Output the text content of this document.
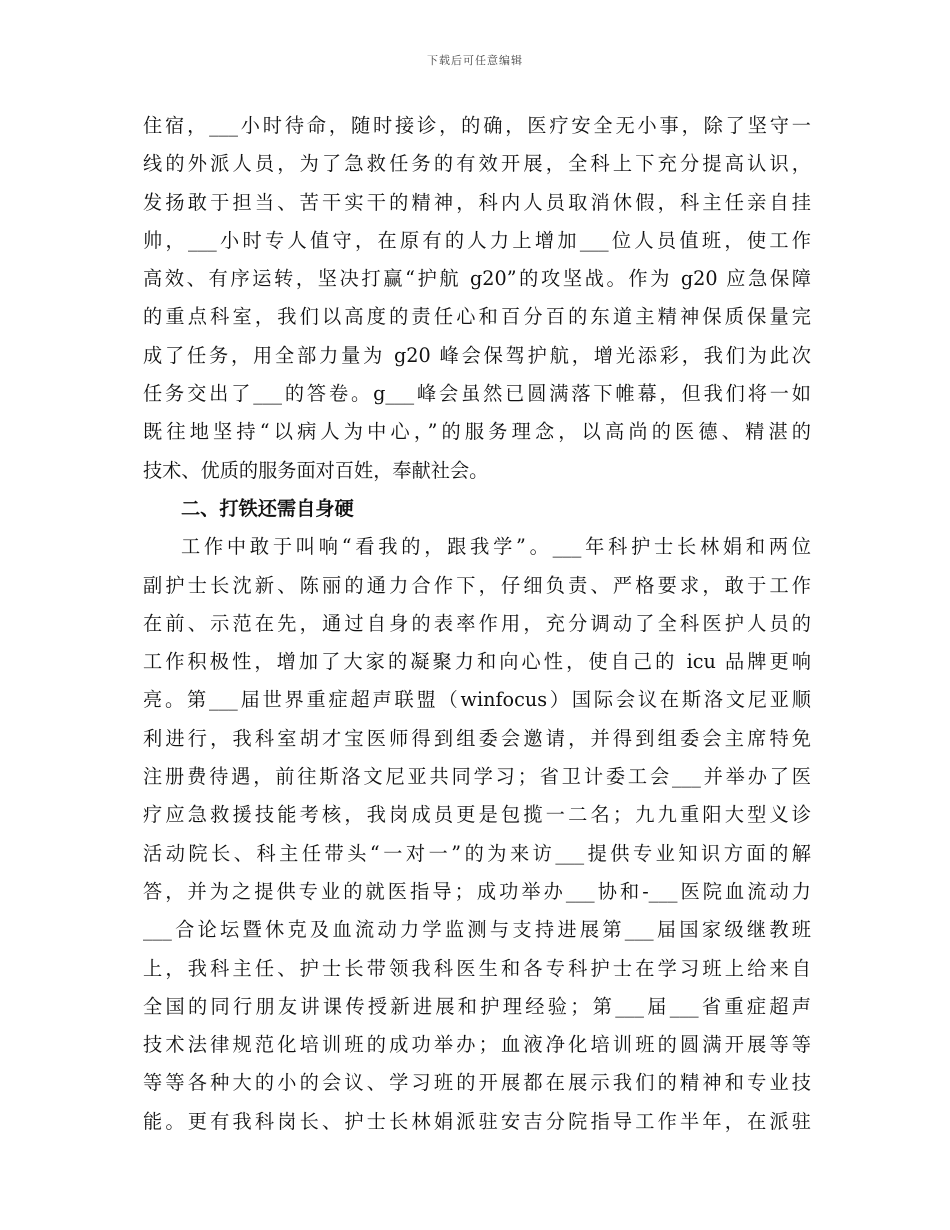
下载后可任意编辑
住宿，___小时待命，随时接诊，的确，医疗安全无小事，除了坚守一
线的外派人员，为了急救任务的有效开展，全科上下充分提高认识，
发扬敢于担当、苦干实干的精神，科内人员取消休假，科主任亲自挂
帅，___小时专人值守，在原有的人力上增加___位人员值班，使工作
高效、有序运转，坚决打赢“护航 g20”的攻坚战。作为 g20 应急保障
的重点科室，我们以高度的责任心和百分百的东道主精神保质保量完
成了任务，用全部力量为 g20 峰会保驾护航，增光添彩，我们为此次
任务交出了___的答卷。g___峰会虽然已圆满落下帷幕，但我们将一如
既往地坚持“以病人为中心，”的服务理念，以高尚的医德、精湛的
技术、优质的服务面对百姓，奉献社会。
二、打铁还需自身硬
工作中敢于叫响“看我的，跟我学”。___年科护士长林娟和两位
副护士长沈新、陈丽的通力合作下，仔细负责、严格要求，敢于工作
在前、示范在先，通过自身的表率作用，充分调动了全科医护人员的
工作积极性，增加了大家的凝聚力和向心性，使自己的 icu 品牌更响
亮。第___届世界重症超声联盟（winfocus）国际会议在斯洛文尼亚顺
利进行，我科室胡才宝医师得到组委会邀请，并得到组委会主席特免
注册费待遇，前往斯洛文尼亚共同学习；省卫计委工会___并举办了医
疗应急救援技能考核，我岗成员更是包揽一二名；九九重阳大型义诊
活动院长、科主任带头“一对一”的为来访___提供专业知识方面的解
答，并为之提供专业的就医指导；成功举办___协和-___医院血流动力
___合论坛暨休克及血流动力学监测与支持进展第___届国家级继教班
上，我科主任、护士长带领我科医生和各专科护士在学习班上给来自
全国的同行朋友讲课传授新进展和护理经验；第___届___省重症超声
技术法律规范化培训班的成功举办；血液净化培训班的圆满开展等等
等等各种大的小的会议、学习班的开展都在展示我们的精神和专业技
能。更有我科岗长、护士长林娟派驻安吉分院指导工作半年，在派驻
